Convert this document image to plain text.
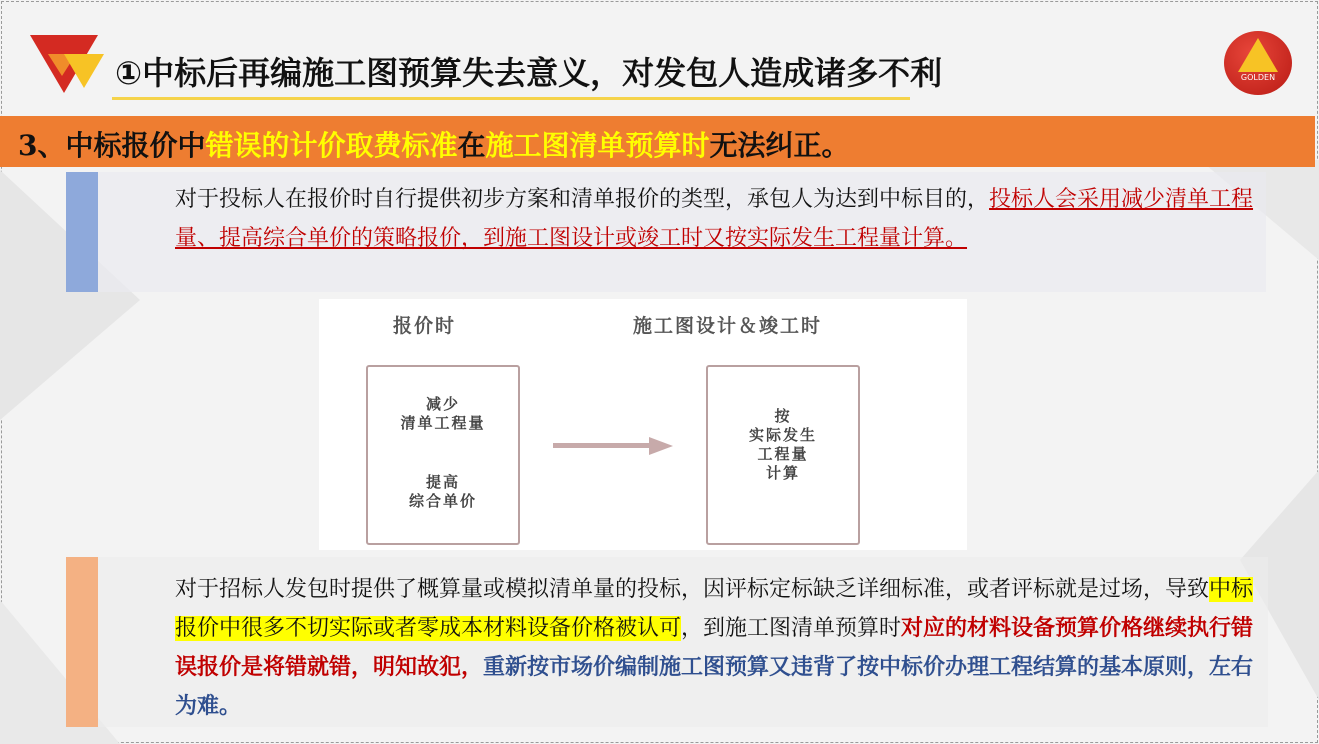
①中标后再编施工图预算失去意义，对发包人造成诸多不利	GOLDEN
3、中标报价中错误的计价取费标准在施工图清单预算时无法纠正。
对于投标人在报价时自行提供初步方案和清单报价的类型，承包人为达到中标目的，投标人会采用减少清单工程量、提高综合单价的策略报价，到施工图设计或竣工时又按实际发生工程量计算。
报价时	施工图设计＆竣工时
减少
清单工程量
提高
综合单价
按
实际发生
工程量
计算
对于招标人发包时提供了概算量或模拟清单量的投标，因评标定标缺乏详细标准，或者评标就是过场，导致中标报价中很多不切实际或者零成本材料设备价格被认可，到施工图清单预算时对应的材料设备预算价格继续执行错误报价是将错就错，明知故犯，重新按市场价编制施工图预算又违背了按中标价办理工程结算的基本原则，左右为难。
